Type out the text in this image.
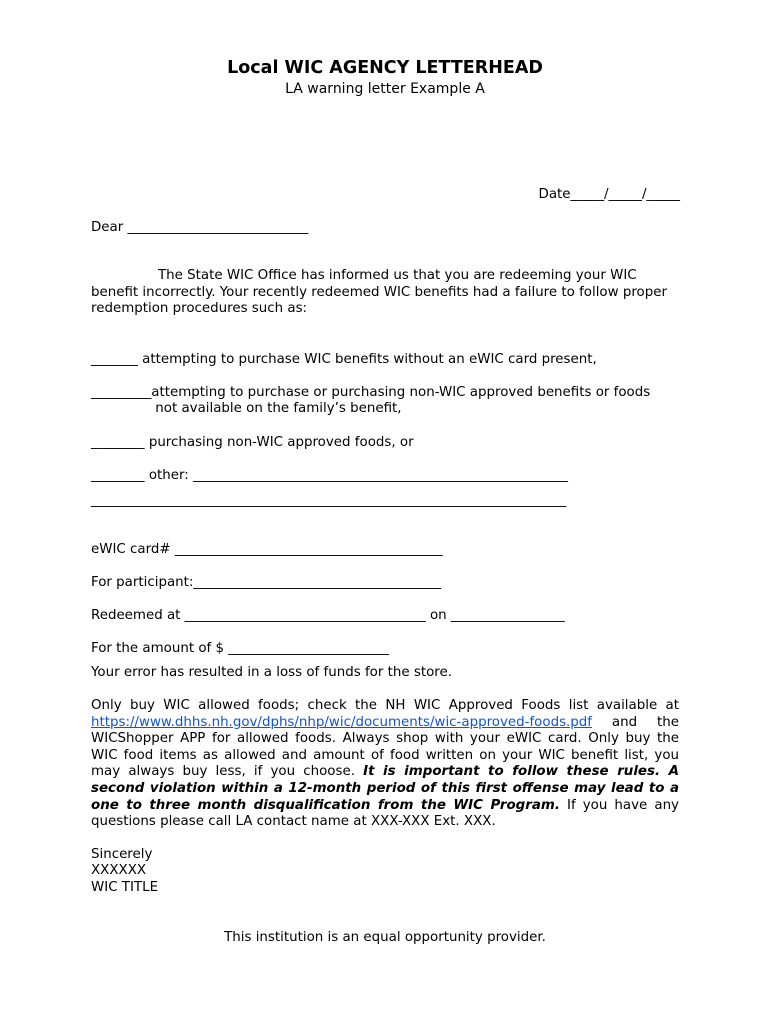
Local WIC AGENCY LETTERHEAD
LA warning letter Example A
Date_____/_____/_____
Dear ___________________________
The State WIC Office has informed us that you are redeeming your WIC benefit incorrectly. Your recently redeemed WIC benefits had a failure to follow proper redemption procedures such as:
_______ attempting to purchase WIC benefits without an eWIC card present,
_________attempting to purchase or purchasing non-WIC approved benefits or foods
not available on the family’s benefit,
________ purchasing non-WIC approved foods, or
________ other: ________________________________________________________
_______________________________________________________________________
eWIC card# ________________________________________
For participant:_____________________________________
Redeemed at ____________________________________ on _________________
For the amount of $ ________________________
Your error has resulted in a loss of funds for the store.
Only buy WIC allowed foods; check the NH WIC Approved Foods list available at https://www.dhhs.nh.gov/dphs/nhp/wic/documents/wic-approved-foods.pdf and the WICShopper APP for allowed foods. Always shop with your eWIC card. Only buy the WIC food items as allowed and amount of food written on your WIC benefit list, you may always buy less, if you choose. It is important to follow these rules. A second violation within a 12-month period of this first offense may lead to a one to three month disqualification from the WIC Program. If you have any questions please call LA contact name at XXX-XXX Ext. XXX.
Sincerely
XXXXXX
WIC TITLE
This institution is an equal opportunity provider.
